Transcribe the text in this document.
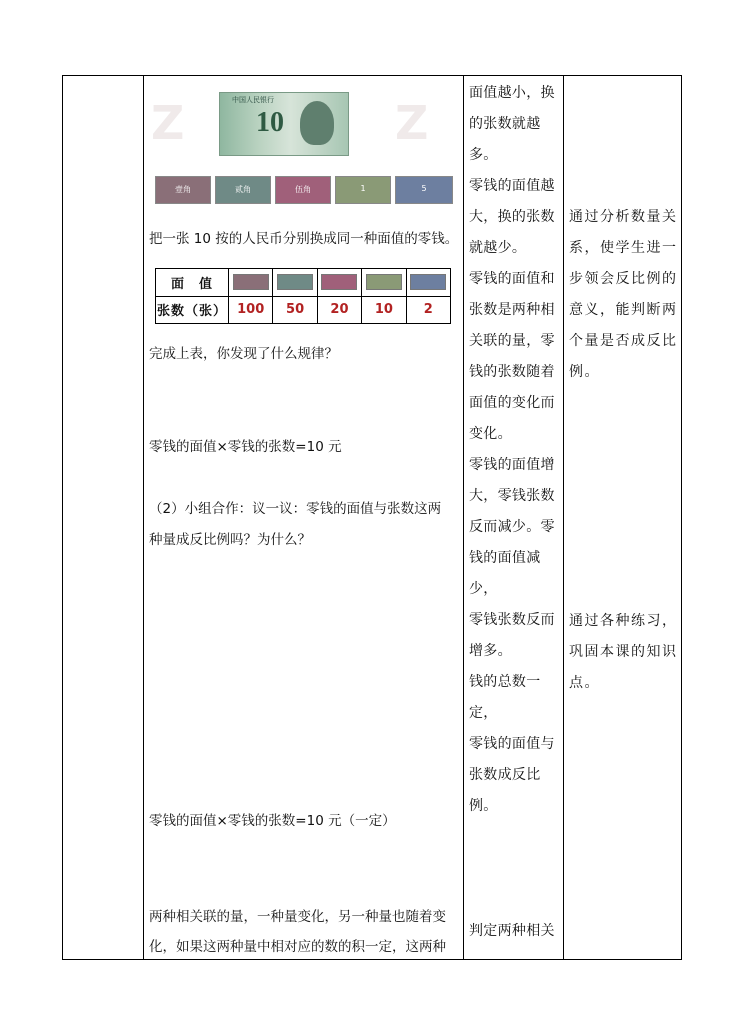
Z	Z
中国人民银行
10
壹角	贰角	伍角	1	5
把一张 10 按的人民币分别换成同一种面值的零钱。
面　值					
张数（张）	100	50	20	10	2
完成上表，你发现了什么规律？
零钱的面值×零钱的张数=10 元
（2）小组合作：议一议：零钱的面值与张数这两
种量成反比例吗？为什么？
零钱的面值×零钱的张数=10 元（一定）
两种相关联的量，一种量变化，另一种量也随着变
化，如果这两种量中相对应的数的积一定，这两种
面值越小，换
的张数就越多。
零钱的面值越
大，换的张数
就越少。
零钱的面值和
张数是两种相
关联的量，零
钱的张数随着
面值的变化而
变化。
零钱的面值增
大，零钱张数
反而减少。零
钱的面值减少，
零钱张数反而
增多。
钱的总数一定，
零钱的面值与
张数成反比例。
判定两种相关
通过分析数量关
系，使学生进一
步领会反比例的
意义，能判断两
个量是否成反比
例。
通过各种练习，
巩固本课的知识
点。
